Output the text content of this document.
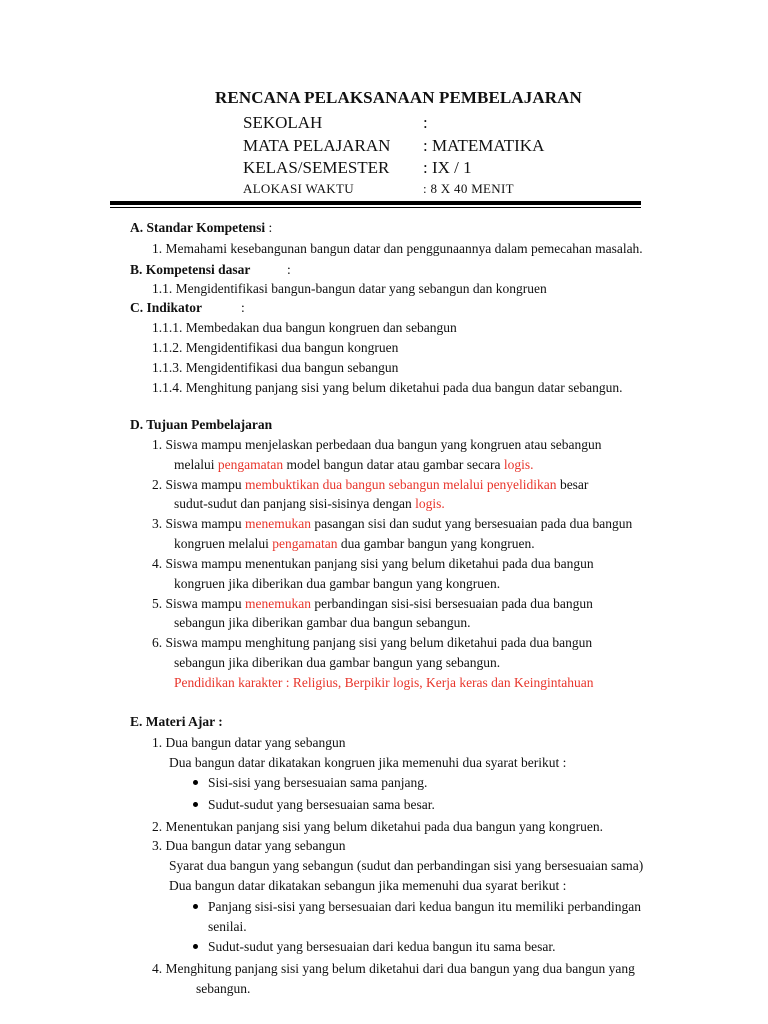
RENCANA PELAKSANAAN PEMBELAJARAN
SEKOLAH	:
MATA PELAJARAN : MATEMATIKA
KELAS/SEMESTER : IX / 1
ALOKASI WAKTU	: 8 X 40 MENIT
A. Standar Kompetensi :
1. Memahami kesebangunan bangun datar dan penggunaannya dalam pemecahan masalah.
B. Kompetensi dasar	:
1.1. Mengidentifikasi bangun-bangun datar yang sebangun dan kongruen
C. Indikator	:
1.1.1. Membedakan dua bangun kongruen dan sebangun
1.1.2. Mengidentifikasi dua bangun kongruen
1.1.3. Mengidentifikasi dua bangun sebangun
1.1.4. Menghitung panjang sisi yang belum diketahui pada dua bangun datar sebangun.
D. Tujuan Pembelajaran
1. Siswa mampu menjelaskan perbedaan dua bangun yang kongruen atau sebangun
melalui pengamatan model bangun datar atau gambar secara logis.
2. Siswa mampu membuktikan dua bangun sebangun melalui penyelidikan besar
sudut-sudut dan panjang sisi-sisinya dengan logis.
3. Siswa mampu menemukan pasangan sisi dan sudut yang bersesuaian pada dua bangun
kongruen melalui pengamatan dua gambar bangun yang kongruen.
4. Siswa mampu menentukan panjang sisi yang belum diketahui pada dua bangun
kongruen jika diberikan dua gambar bangun yang kongruen.
5. Siswa mampu menemukan perbandingan sisi-sisi bersesuaian pada dua bangun
sebangun jika diberikan gambar dua bangun sebangun.
6. Siswa mampu menghitung panjang sisi yang belum diketahui pada dua bangun
sebangun jika diberikan dua gambar bangun yang sebangun.
Pendidikan karakter : Religius, Berpikir logis, Kerja keras dan Keingintahuan
E. Materi Ajar :
1. Dua bangun datar yang sebangun
Dua bangun datar dikatakan kongruen jika memenuhi dua syarat berikut :
Sisi-sisi yang bersesuaian sama panjang.
Sudut-sudut yang bersesuaian sama besar.
2. Menentukan panjang sisi yang belum diketahui pada dua bangun yang kongruen.
3. Dua bangun datar yang sebangun
Syarat dua bangun yang sebangun (sudut dan perbandingan sisi yang bersesuaian sama)
Dua bangun datar dikatakan sebangun jika memenuhi dua syarat berikut :
Panjang sisi-sisi yang bersesuaian dari kedua bangun itu memiliki perbandingan
senilai.
Sudut-sudut yang bersesuaian dari kedua bangun itu sama besar.
4. Menghitung panjang sisi yang belum diketahui dari dua bangun yang dua bangun yang
sebangun.
